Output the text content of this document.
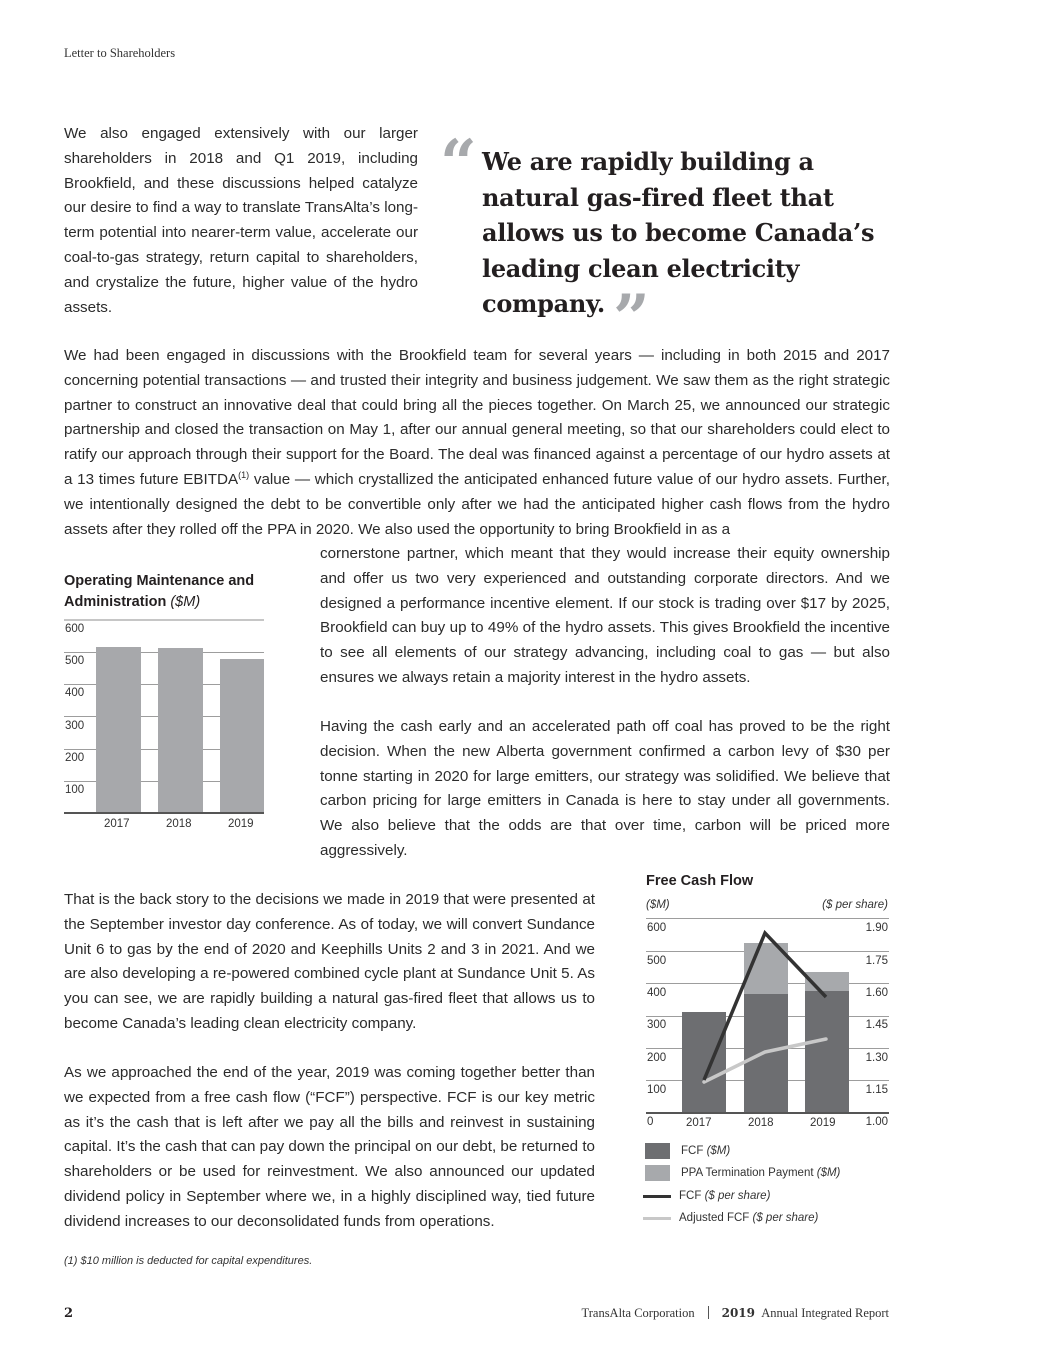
Letter to Shareholders

We also engaged extensively with our larger shareholders in 2018 and Q1 2019, including Brookfield, and these discussions helped catalyze our desire to find a way to translate TransAlta’s long-term potential into nearer-term value, accelerate our coal-to-gas strategy, return capital to shareholders, and crystalize the future, higher value of the hydro assets.

“ We are rapidly building a natural gas-fired fleet that allows us to become Canada’s leading clean electricity company. ”

We had been engaged in discussions with the Brookfield team for several years — including in both 2015 and 2017 concerning potential transactions — and trusted their integrity and business judgement. We saw them as the right strategic partner to construct an innovative deal that could bring all the pieces together. On March 25, we announced our strategic partnership and closed the transaction on May 1, after our annual general meeting, so that our shareholders could elect to ratify our approach through their support for the Board. The deal was financed against a percentage of our hydro assets at a 13 times future EBITDA$^{(1)}$ value — which crystallized the anticipated enhanced future value of our hydro assets. Further, we intentionally designed the debt to be convertible only after we had the anticipated higher cash flows from the hydro assets after they rolled off the PPA in 2020. We also used the opportunity to bring Brookfield in as a

cornerstone partner, which meant that they would increase their equity ownership and offer us two very experienced and outstanding corporate directors. And we designed a performance incentive element. If our stock is trading over $17 by 2025, Brookfield can buy up to 49% of the hydro assets. This gives Brookfield the incentive to see all elements of our strategy advancing, including coal to gas — but also ensures we always retain a majority interest in the hydro assets.

Having the cash early and an accelerated path off coal has proved to be the right decision. When the new Alberta government confirmed a carbon levy of $30 per tonne starting in 2020 for large emitters, our strategy was solidified. We believe that carbon pricing for large emitters in Canada is here to stay under all governments. We also believe that the odds are that over time, carbon will be priced more aggressively.

Operating Maintenance and Administration ($M)
600
500
400
300
200
100
2017	2018	2019

That is the back story to the decisions we made in 2019 that were presented at the September investor day conference. As of today, we will convert Sundance Unit 6 to gas by the end of 2020 and Keephills Units 2 and 3 in 2021. And we are also developing a re-powered combined cycle plant at Sundance Unit 5. As you can see, we are rapidly building a natural gas-fired fleet that allows us to become Canada’s leading clean electricity company.

As we approached the end of the year, 2019 was coming together better than we expected from a free cash flow (“FCF”) perspective. FCF is our key metric as it’s the cash that is left after we pay all the bills and reinvest in sustaining capital. It’s the cash that can pay down the principal on our debt, be returned to shareholders or be used for reinvestment. We also announced our updated dividend policy in September where we, in a highly disciplined way, tied future dividend increases to our deconsolidated funds from operations.

Free Cash Flow
($M)	($ per share)
600
500
400
300
200
100
0
1.90
1.75
1.60
1.45
1.30
1.15
1.00
2017	2018	2019
FCF
($M)
PPA Termination Payment
($M)
FCF
($ per share)
Adjusted FCF
($ per share)
(1) $10 million is deducted for capital expenditures.
2	TransAlta Corporation 2019 Annual Integrated Report
